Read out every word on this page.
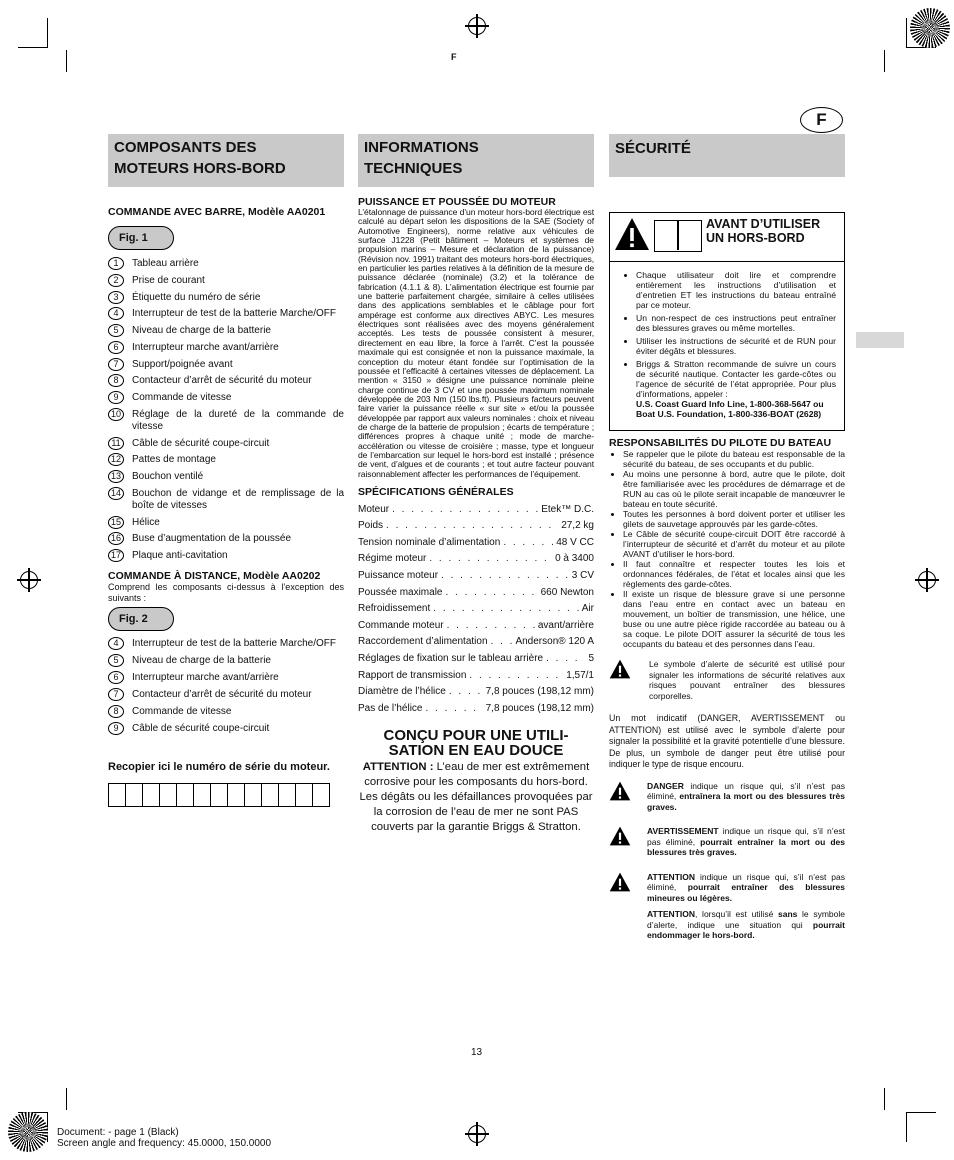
F
F
COMPOSANTS DES
MOTEURS HORS-BORD
COMMANDE AVEC BARRE, Modèle AA0201
Fig. 1
1	Tableau arrière
2	Prise de courant
3	Étiquette du numéro de série
4	Interrupteur de test de la batterie Marche/OFF
5	Niveau de charge de la batterie
6	Interrupteur marche avant/arrière
7	Support/poignée avant
8	Contacteur d’arrêt de sécurité du moteur
9	Commande de vitesse
10	Réglage de la dureté de la commande de vitesse
11	Câble de sécurité coupe-circuit
12	Pattes de montage
13	Bouchon ventilé
14	Bouchon de vidange et de remplissage de la boîte de vitesses
15	Hélice
16	Buse d’augmentation de la poussée
17	Plaque anti-cavitation
COMMANDE À DISTANCE, Modèle AA0202
Comprend les composants ci-dessus à l’exception des suivants :
Fig. 2
4	Interrupteur de test de la batterie Marche/OFF
5	Niveau de charge de la batterie
6	Interrupteur marche avant/arrière
7	Contacteur d’arrêt de sécurité du moteur
8	Commande de vitesse
9	Câble de sécurité coupe-circuit
Recopier ici le numéro de série du moteur.
INFORMATIONS
TECHNIQUES
PUISSANCE ET POUSSÉE DU MOTEUR
L’étalonnage de puissance d’un moteur hors-bord électrique est calculé au départ selon les dispositions de la SAE (Society of Automotive Engineers), norme relative aux véhicules de surface J1228 (Petit bâtiment – Moteurs et systèmes de propulsion marins – Mesure et déclaration de la puissance) (Révision nov. 1991) traitant des moteurs hors-bord électriques, en particulier les parties relatives à la définition de la mesure de puissance déclarée (nominale) (3.2) et la tolérance de fabrication (4.1.1 & 8). L’alimentation électrique est fournie par une batterie parfaitement chargée, similaire à celles utilisées dans des applications semblables et le câblage pour fort ampérage est conforme aux directives ABYC. Les mesures électriques sont réalisées avec des moyens généralement acceptés. Les tests de poussée consistent à mesurer, directement en eau libre, la force à l’arrêt. C’est la poussée maximale qui est consignée et non la puissance maximale, la conception du moteur étant fondée sur l’optimisation de la poussée et l’efficacité à certaines vitesses de déplacement. La mention « 3150 » désigne une puissance nominale pleine charge continue de 3 CV et une poussée maximum nominale développée de 203 Nm (150 lbs.ft). Plusieurs facteurs peuvent faire varier la puissance réelle « sur site » et/ou la poussée développée par rapport aux valeurs nominales : choix et niveau de charge de la batterie de propulsion ; écarts de température ; différences propres à chaque unité ; mode de marche-accélération ou vitesse de croisière ; masse, type et longueur de l’embarcation sur lequel le hors-bord est installé ; présence de vent, d’algues et de courants ; et tout autre facteur pouvant raisonnablement affecter les performances de l’équipement.
SPÉCIFICATIONS GÉNÉRALES
Moteur . . .	Etek™ D.C.
Poids . . .	27,2 kg
Tension nominale d’alimentation . . .	48 V CC
Régime moteur . . .	0 à 3400
Puissance moteur . . .	3 CV
Poussée maximale . . .	660 Newton
Refroidissement . . .	Air
Commande moteur . . .	avant/arrière
Raccordement d’alimentation . . .	Anderson® 120 A
Réglages de fixation sur le tableau arrière . . .	5
Rapport de transmission . . .	1,57/1
Diamètre de l’hélice . . .	7,8 pouces (198,12 mm)
Pas de l’hélice . . .	7,8 pouces (198,12 mm)
CONÇU POUR UNE UTILI-
SATION EN EAU DOUCE
ATTENTION : L’eau de mer est extrêmement corrosive pour les composants du hors-bord. Les dégâts ou les défaillances provoquées par la corrosion de l’eau de mer ne sont PAS couverts par la garantie Briggs & Stratton.
SÉCURITÉ
AVANT D’UTILISER
UN HORS-BORD
• Chaque utilisateur doit lire et comprendre entièrement les instructions d’utilisation et d’entretien ET les instructions du bateau entraîné par ce moteur.
• Un non-respect de ces instructions peut entraîner des blessures graves ou même mortelles.
• Utiliser les instructions de sécurité et de RUN pour éviter dégâts et blessures.
• Briggs & Stratton recommande de suivre un cours de sécurité nautique. Contacter les garde-côtes ou l’agence de sécurité de l’état appropriée. Pour plus d’informations, appeler :
U.S. Coast Guard Info Line, 1-800-368-5647 ou
Boat U.S. Foundation, 1-800-336-BOAT (2628)
RESPONSABILITÉS DU PILOTE DU BATEAU
• Se rappeler que le pilote du bateau est responsable de la sécurité du bateau, de ses occupants et du public.
• Au moins une personne à bord, autre que le pilote, doit être familiarisée avec les procédures de démarrage et de RUN au cas où le pilote serait incapable de manœuvrer le bateau en toute sécurité.
• Toutes les personnes à bord doivent porter et utiliser les gilets de sauvetage approuvés par les garde-côtes.
• Le Câble de sécurité coupe-circuit DOIT être raccordé à l’interrupteur de sécurité et d’arrêt du moteur et au pilote AVANT d’utiliser le hors-bord.
• Il faut connaître et respecter toutes les lois et ordonnances fédérales, de l’état et locales ainsi que les règlements des garde-côtes.
• Il existe un risque de blessure grave si une personne dans l’eau entre en contact avec un bateau en mouvement, un boîtier de transmission, une hélice, une buse ou une autre pièce rigide raccordée au bateau ou à sa coque. Le pilote DOIT assurer la sécurité de tous les occupants du bateau et des personnes dans l’eau.
Le symbole d’alerte de sécurité est utilisé pour signaler les informations de sécurité relatives aux risques pouvant entraîner des blessures corporelles.
Un mot indicatif (DANGER, AVERTISSEMENT ou ATTENTION) est utilisé avec le symbole d’alerte pour signaler la possibilité et la gravité potentielle d’une blessure. De plus, un symbole de danger peut être utilisé pour indiquer le type de risque encouru.
DANGER indique un risque qui, s’il n’est pas éliminé, entraînera la mort ou des blessures très graves.
AVERTISSEMENT indique un risque qui, s’il n’est pas éliminé, pourrait entraîner la mort ou des blessures très graves.
ATTENTION indique un risque qui, s’il n’est pas éliminé, pourrait entraîner des blessures mineures ou légères.
ATTENTION, lorsqu’il est utilisé sans le symbole d’alerte, indique une situation qui pourrait endommager le hors-bord.
13
Document: - page 1 (Black)
Screen angle and frequency: 45.0000, 150.0000
